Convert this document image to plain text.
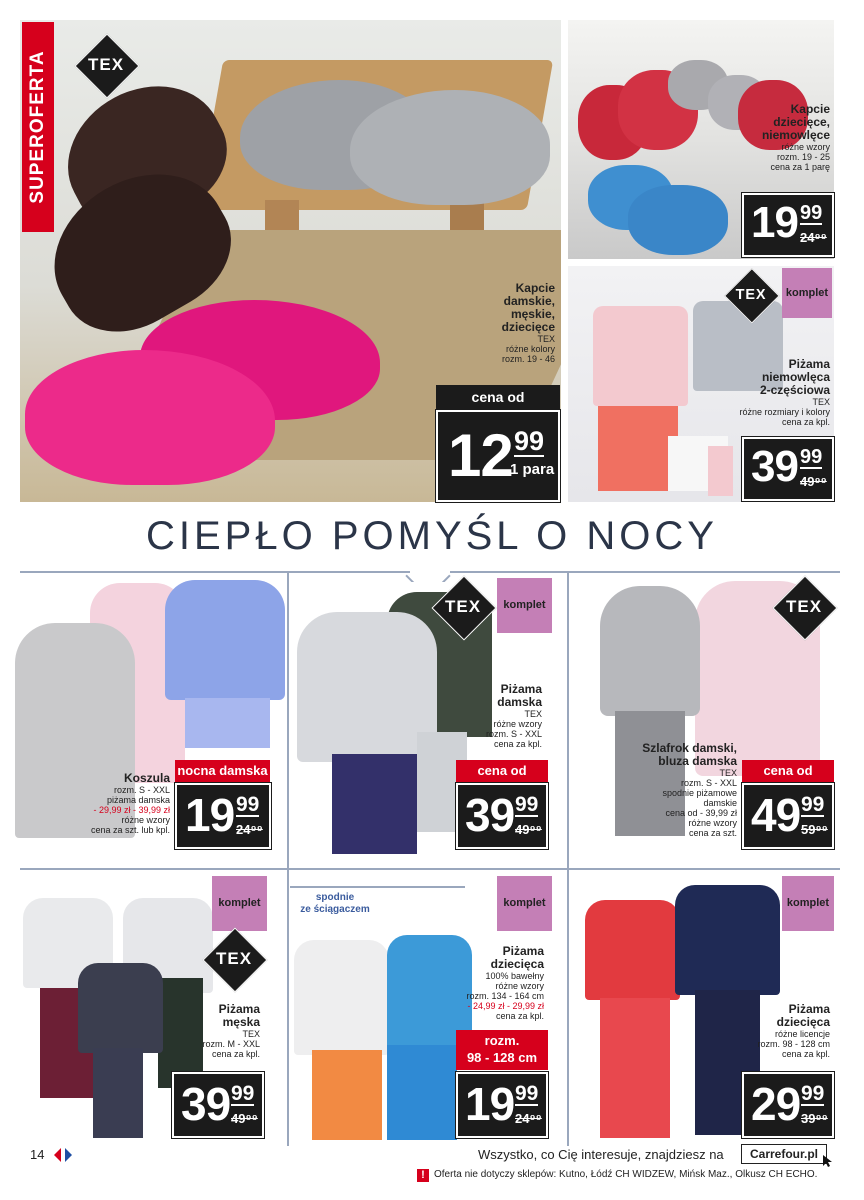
SUPEROFERTA	TEX
Kapcie
damskie,
męskie,
dziecięce
TEX
różne kolory
rozm. 19 - 46
cena od
12 99
1 para
Kapcie
dziecięce,
niemowlęce
różne wzory
rozm. 19 - 25
cena za 1 parę
19 99
24⁹⁹
TEX	komplet
Piżama
niemowlęca
2-częściowa
TEX
różne rozmiary i kolory
cena za kpl.
39 99
49⁹⁹
CIEPŁO POMYŚL O NOCY
nocna damska
Koszula
rozm. S - XXL
piżama damska
- 29,99 zł - 39,99 zł
różne wzory
cena za szt. lub kpl. 19 99
24⁹⁹
TEX	komplet
Piżama
damska
TEX
różne wzory
rozm. S - XXL
cena za kpl.
cena od
39 99
49⁹⁹
TEX
Szlafrok damski,
bluza damska
TEX
rozm. S - XXL
spodnie piżamowe
damskie
cena od - 39,99 zł
różne wzory
cena za szt.
cena od
49 99
59⁹⁹
komplet
TEX
Piżama
męska
TEX
rozm. M - XXL
cena za kpl.
39 99
49⁹⁹
spodnie
ze ściągaczem
komplet
Piżama
dziecięca
100% bawełny
różne wzory
rozm. 134 - 164 cm
- 24,99 zł - 29,99 zł
cena za kpl.
rozm.
98 - 128 cm
19 99
24⁹⁹
komplet
Piżama
dziecięca
różne licencje
rozm. 98 - 128 cm
cena za kpl.
29 99
39⁹⁹
14	Wszystko, co Cię interesuje, znajdziesz na	Carrefour.pl
! Oferta nie dotyczy sklepów: Kutno, Łódź CH WIDZEW, Mińsk Maz., Olkusz CH ECHO.
